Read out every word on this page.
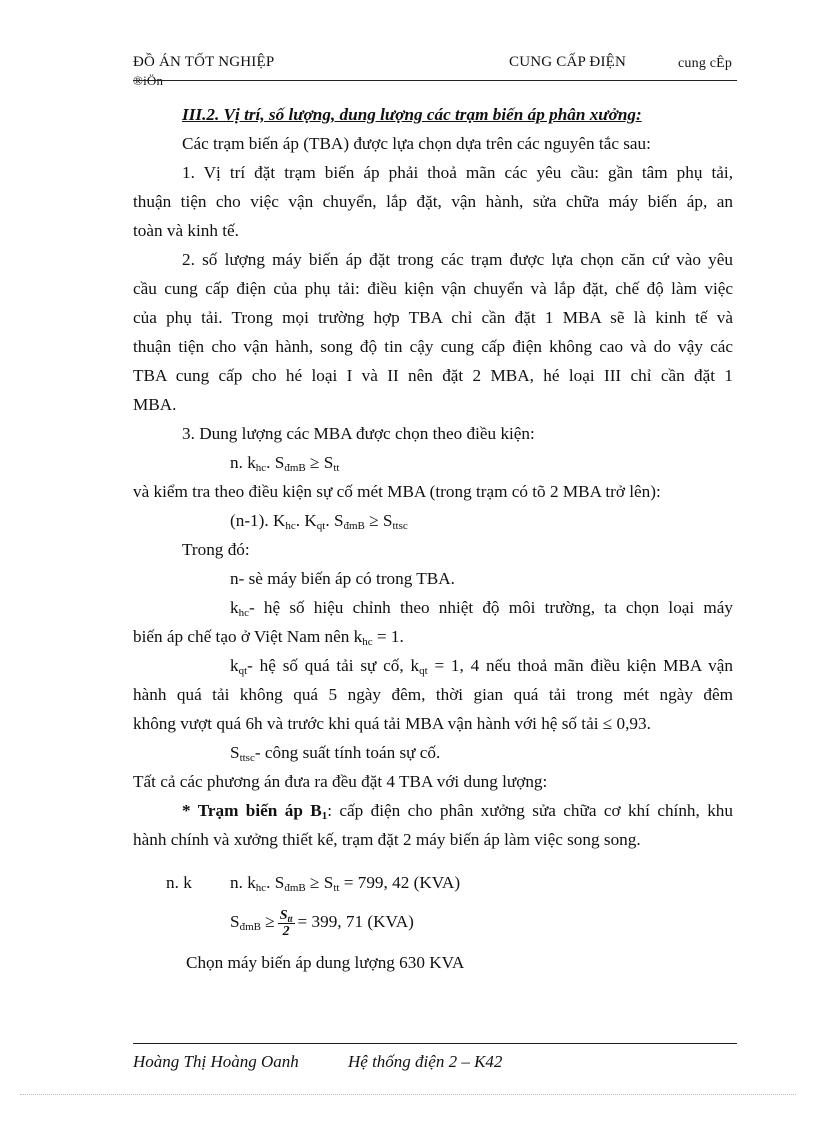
ĐỒ ÁN TỐT NGHIỆP
®iÖn
CUNG CẤP ĐIỆN	cung cÊp
III.2. Vị trí, số lượng, dung lượng các trạm biến áp phân xưởng:
Các trạm biến áp (TBA) được lựa chọn dựa trên các nguyên tắc sau:
1. Vị trí đặt trạm biến áp phải thoả mãn các yêu cầu: gần tâm phụ tải,
thuận tiện cho việc vận chuyển, lắp đặt, vận hành, sửa chữa máy biến áp, an
toàn và kinh tế.
2. số lượng máy biến áp đặt trong các trạm được lựa chọn căn cứ vào yêu
cầu cung cấp điện của phụ tải: điều kiện vận chuyển và lắp đặt, chế độ làm việc
của phụ tải. Trong mọi trường hợp TBA chỉ cần đặt 1 MBA sẽ là kinh tế và
thuận tiện cho vận hành, song độ tin cậy cung cấp điện không cao và do vậy các
TBA cung cấp cho hé loại I và II nên đặt 2 MBA, hé loại III chỉ cần đặt 1
MBA.
3. Dung lượng các MBA được chọn theo điều kiện:
n. $k_{hc}$. $S_{đmB} \ge S_{tt}$
và kiểm tra theo điều kiện sự cố mét MBA (trong trạm có tõ 2 MBA trở lên):
(n-1). $K_{hc}$. $K_{qt}$. $S_{đmB} \ge S_{ttsc}$
Trong đó:
n- sè máy biến áp có trong TBA.
$k_{hc}-$ hệ số hiệu chỉnh theo nhiệt độ môi trường, ta chọn loại máy
biến áp chế tạo ở Việt Nam nên $k_{hc} = 1$.
$k_{qt}-$ hệ số quá tải sự cố, $k_{qt} = 1$, 4 nếu thoả mãn điều kiện MBA vận
hành quá tải không quá 5 ngày đêm, thời gian quá tải trong mét ngày đêm
không vượt quá 6h và trước khi quá tải MBA vận hành với hệ số tải ≤ 0,93.
$S_{ttsc}-$ công suất tính toán sự cố.
Tất cả các phương án đưa ra đều đặt 4 TBA với dung lượng:
* Trạm biến áp $B_1$: cấp điện cho phân xưởng sửa chữa cơ khí chính, khu
hành chính và xưởng thiết kế, trạm đặt 2 máy biến áp làm việc song song.
n. k n. $k_{hc}$. $S_{đmB} \ge S_{tt} = 799$, 42 (KVA)
$S_{đmB} \ge \frac{S_{tt}}{2} = 399$, 71 (KVA)
Chọn máy biến áp dung lượng 630 KVA
Hoàng Thị Hoàng Oanh	Hệ thống điện 2 – K42
